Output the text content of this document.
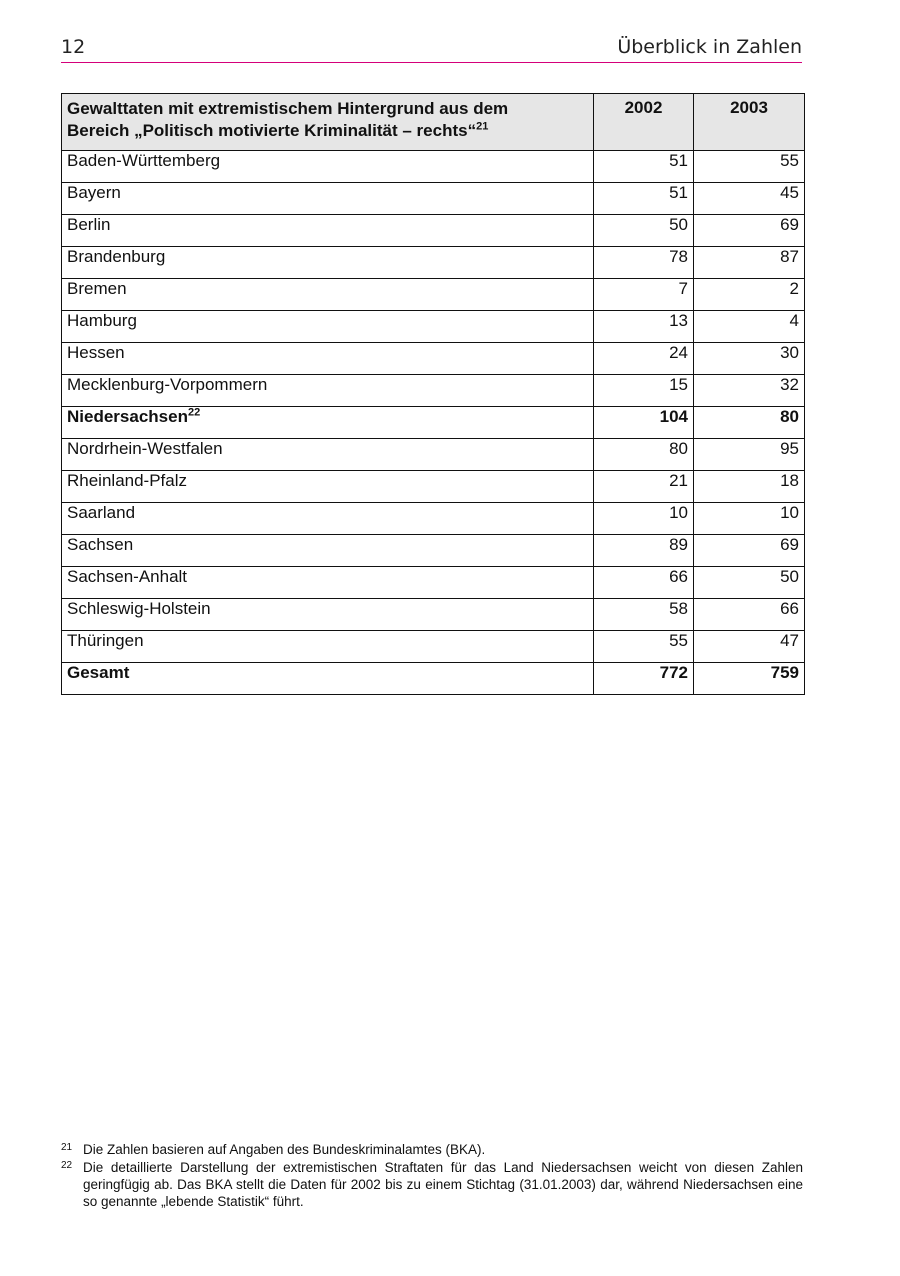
12	Überblick in Zahlen
Gewalttaten mit extremistischem Hintergrund aus dem
Bereich „Politisch motivierte Kriminalität – rechts“$^{21}$	2002	2003
Baden-Württemberg	51	55
Bayern	51	45
Berlin	50	69
Brandenburg	78	87
Bremen	7	2
Hamburg	13	4
Hessen	24	30
Mecklenburg-Vorpommern	15	32
Niedersachsen$^{22}$	104	80
Nordrhein-Westfalen	80	95
Rheinland-Pfalz	21	18
Saarland	10	10
Sachsen	89	69
Sachsen-Anhalt	66	50
Schleswig-Holstein	58	66
Thüringen	55	47
Gesamt	772	759
21 Die Zahlen basieren auf Angaben des Bundeskriminalamtes (BKA).
22 Die detaillierte Darstellung der extremistischen Straftaten für das Land Niedersachsen weicht von diesen Zahlen geringfügig ab. Das BKA stellt die Daten für 2002 bis zu einem Stichtag (31.01.2003) dar, während Niedersachsen eine so genannte „lebende Statistik“ führt.
